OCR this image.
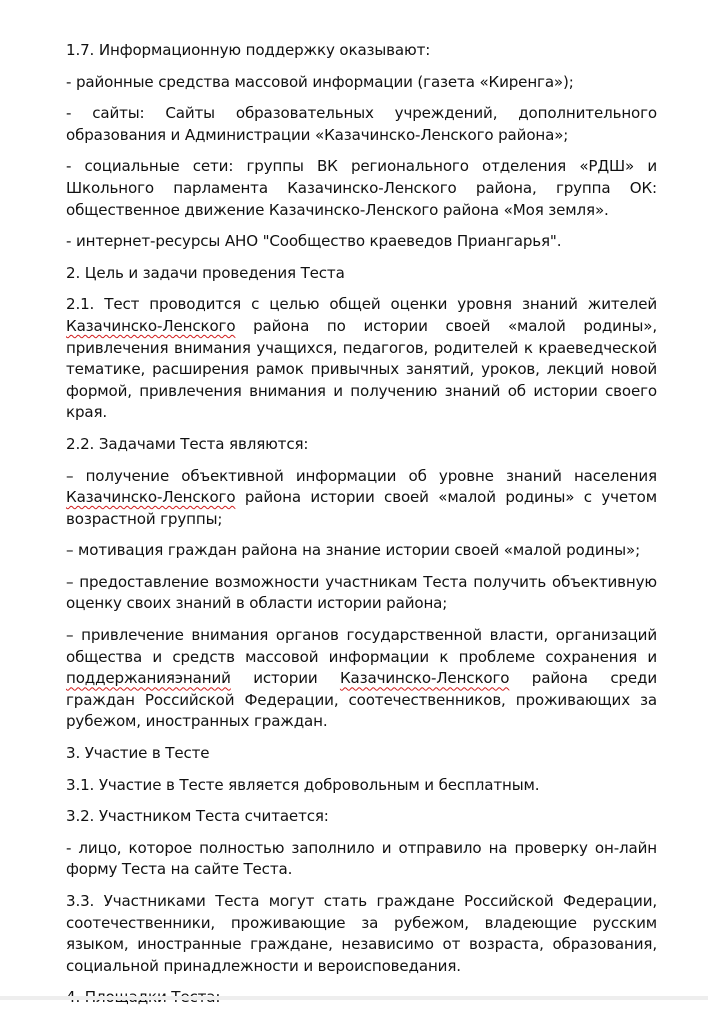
1.7. Информационную поддержку оказывают:

- районные средства массовой информации (газета «Киренга»);

- сайты: Сайты образовательных учреждений, дополнительного образования и Администрации «Казачинско-Ленского района»;

- социальные сети: группы ВК регионального отделения «РДШ» и Школьного парламента Казачинско-Ленского района, группа ОК: общественное движение Казачинско-Ленского района «Моя земля».

- интернет-ресурсы АНО "Сообщество краеведов Приангарья".

2. Цель и задачи проведения Теста

2.1. Тест проводится с целью общей оценки уровня знаний жителей Казачинско-Ленского района по истории своей «малой родины», привлечения внимания учащихся, педагогов, родителей к краеведческой тематике, расширения рамок привычных занятий, уроков, лекций новой формой, привлечения внимания и получению знаний об истории своего края.

2.2. Задачами Теста являются:

– получение объективной информации об уровне знаний населения Казачинско-Ленского района истории своей «малой родины» с учетом возрастной группы;

– мотивация граждан района на знание истории своей «малой родины»;

– предоставление возможности участникам Теста получить объективную оценку своих знаний в области истории района;

– привлечение внимания органов государственной власти, организаций общества и средств массовой информации к проблеме сохранения и поддержанияэнаний истории Казачинско-Ленского района среди граждан Российской Федерации, соотечественников, проживающих за рубежом, иностранных граждан.

3. Участие в Тесте

3.1. Участие в Тесте является добровольным и бесплатным.

3.2. Участником Теста считается:

- лицо, которое полностью заполнило и отправило на проверку он-лайн форму Теста на сайте Теста.

3.3. Участниками Теста могут стать граждане Российской Федерации, соотечественники, проживающие за рубежом, владеющие русским языком, иностранные граждане, независимо от возраста, образования, социальной принадлежности и вероисповедания.
